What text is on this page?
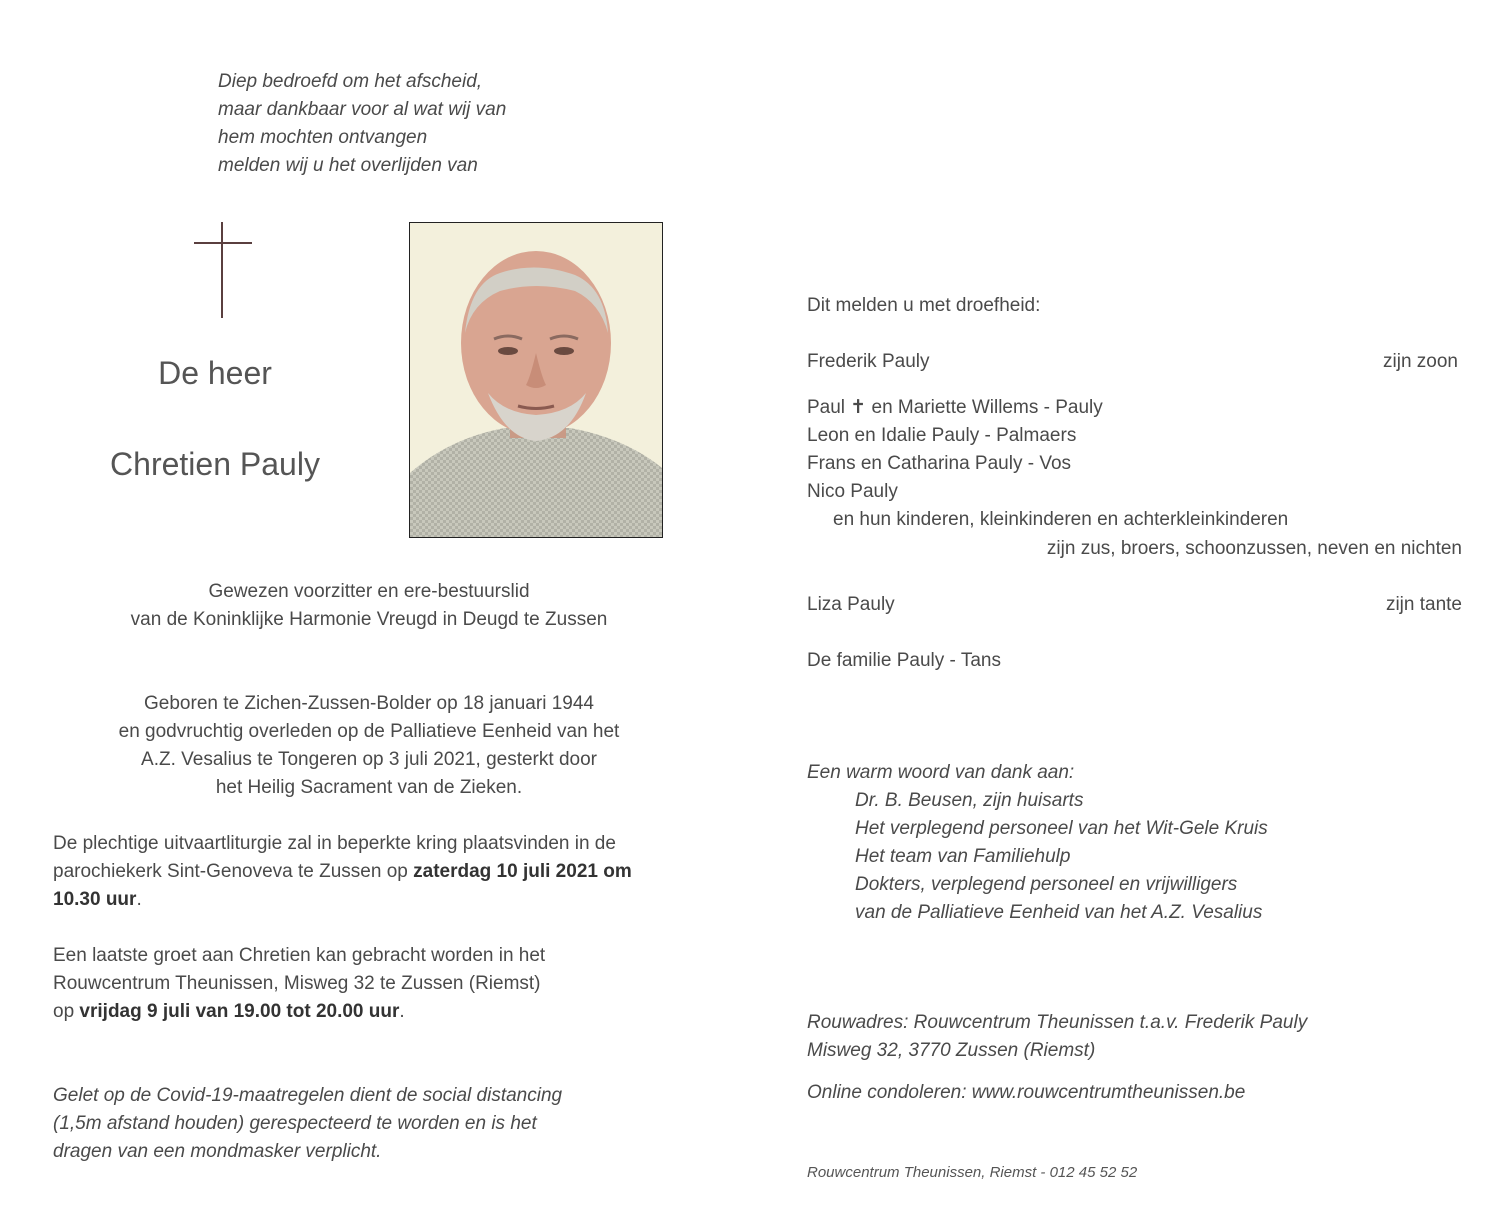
Diep bedroefd om het afscheid,
maar dankbaar voor al wat wij van
hem mochten ontvangen
melden wij u het overlijden van
De heer
Chretien Pauly
Gewezen voorzitter en ere-bestuurslid
van de Koninklijke Harmonie Vreugd in Deugd te Zussen
Geboren te Zichen-Zussen-Bolder op 18 januari 1944
en godvruchtig overleden op de Palliatieve Eenheid van het
A.Z. Vesalius te Tongeren op 3 juli 2021, gesterkt door
het Heilig Sacrament van de Zieken.
De plechtige uitvaartliturgie zal in beperkte kring plaatsvinden in de
parochiekerk Sint-Genoveva te Zussen op zaterdag 10 juli 2021 om
10.30 uur.
Een laatste groet aan Chretien kan gebracht worden in het
Rouwcentrum Theunissen, Misweg 32 te Zussen (Riemst)
op vrijdag 9 juli van 19.00 tot 20.00 uur.
Gelet op de Covid-19-maatregelen dient de social distancing
(1,5m afstand houden) gerespecteerd te worden en is het
dragen van een mondmasker verplicht.
Dit melden u met droefheid:
Frederik Pauly	zijn zoon
Paul ✝ en Mariette Willems - Pauly
Leon en Idalie Pauly - Palmaers
Frans en Catharina Pauly - Vos
Nico Pauly
en hun kinderen, kleinkinderen en achterkleinkinderen
zijn zus, broers, schoonzussen, neven en nichten
Liza Pauly	zijn tante
De familie Pauly - Tans
Een warm woord van dank aan:
Dr. B. Beusen, zijn huisarts
Het verplegend personeel van het Wit-Gele Kruis
Het team van Familiehulp
Dokters, verplegend personeel en vrijwilligers
van de Palliatieve Eenheid van het A.Z. Vesalius
Rouwadres: Rouwcentrum Theunissen t.a.v. Frederik Pauly
Misweg 32, 3770 Zussen (Riemst)
Online condoleren: www.rouwcentrumtheunissen.be
Rouwcentrum Theunissen, Riemst - 012 45 52 52
